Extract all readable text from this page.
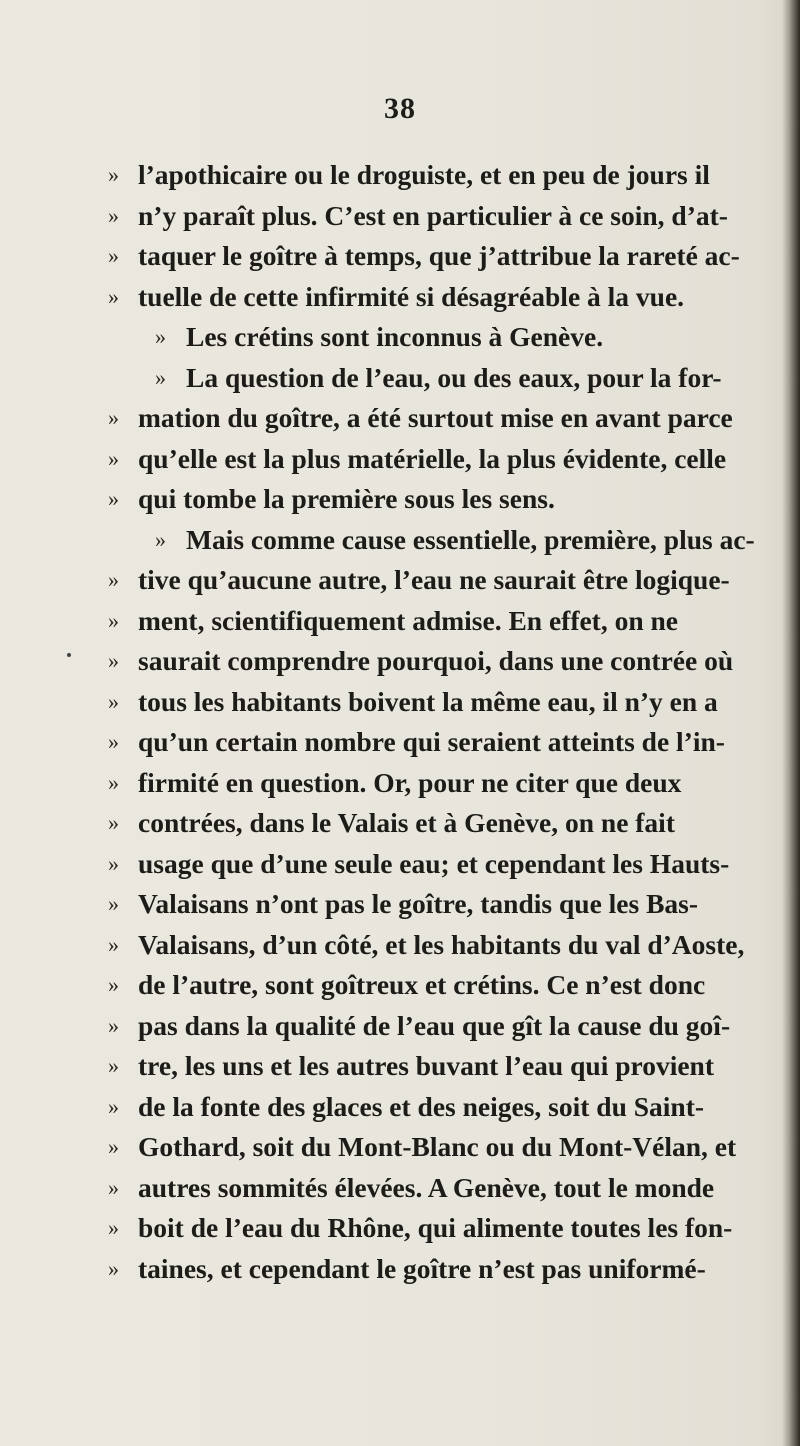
38
» l’apothicaire ou le droguiste, et en peu de jours il
» n’y paraît plus. C’est en particulier à ce soin, d’at-
» taquer le goître à temps, que j’attribue la rareté ac-
» tuelle de cette infirmité si désagréable à la vue.
» Les crétins sont inconnus à Genève.
» La question de l’eau, ou des eaux, pour la for-
» mation du goître, a été surtout mise en avant parce
» qu’elle est la plus matérielle, la plus évidente, celle
» qui tombe la première sous les sens.
» Mais comme cause essentielle, première, plus ac-
» tive qu’aucune autre, l’eau ne saurait être logique-
» ment, scientifiquement admise. En effet, on ne
» saurait comprendre pourquoi, dans une contrée où
» tous les habitants boivent la même eau, il n’y en a
» qu’un certain nombre qui seraient atteints de l’in-
» firmité en question. Or, pour ne citer que deux
» contrées, dans le Valais et à Genève, on ne fait
» usage que d’une seule eau; et cependant les Hauts-
» Valaisans n’ont pas le goître, tandis que les Bas-
» Valaisans, d’un côté, et les habitants du val d’Aoste,
» de l’autre, sont goîtreux et crétins. Ce n’est donc
» pas dans la qualité de l’eau que gît la cause du goî-
» tre, les uns et les autres buvant l’eau qui provient
» de la fonte des glaces et des neiges, soit du Saint-
» Gothard, soit du Mont-Blanc ou du Mont-Vélan, et
» autres sommités élevées. A Genève, tout le monde
» boit de l’eau du Rhône, qui alimente toutes les fon-
» taines, et cependant le goître n’est pas uniformé-
